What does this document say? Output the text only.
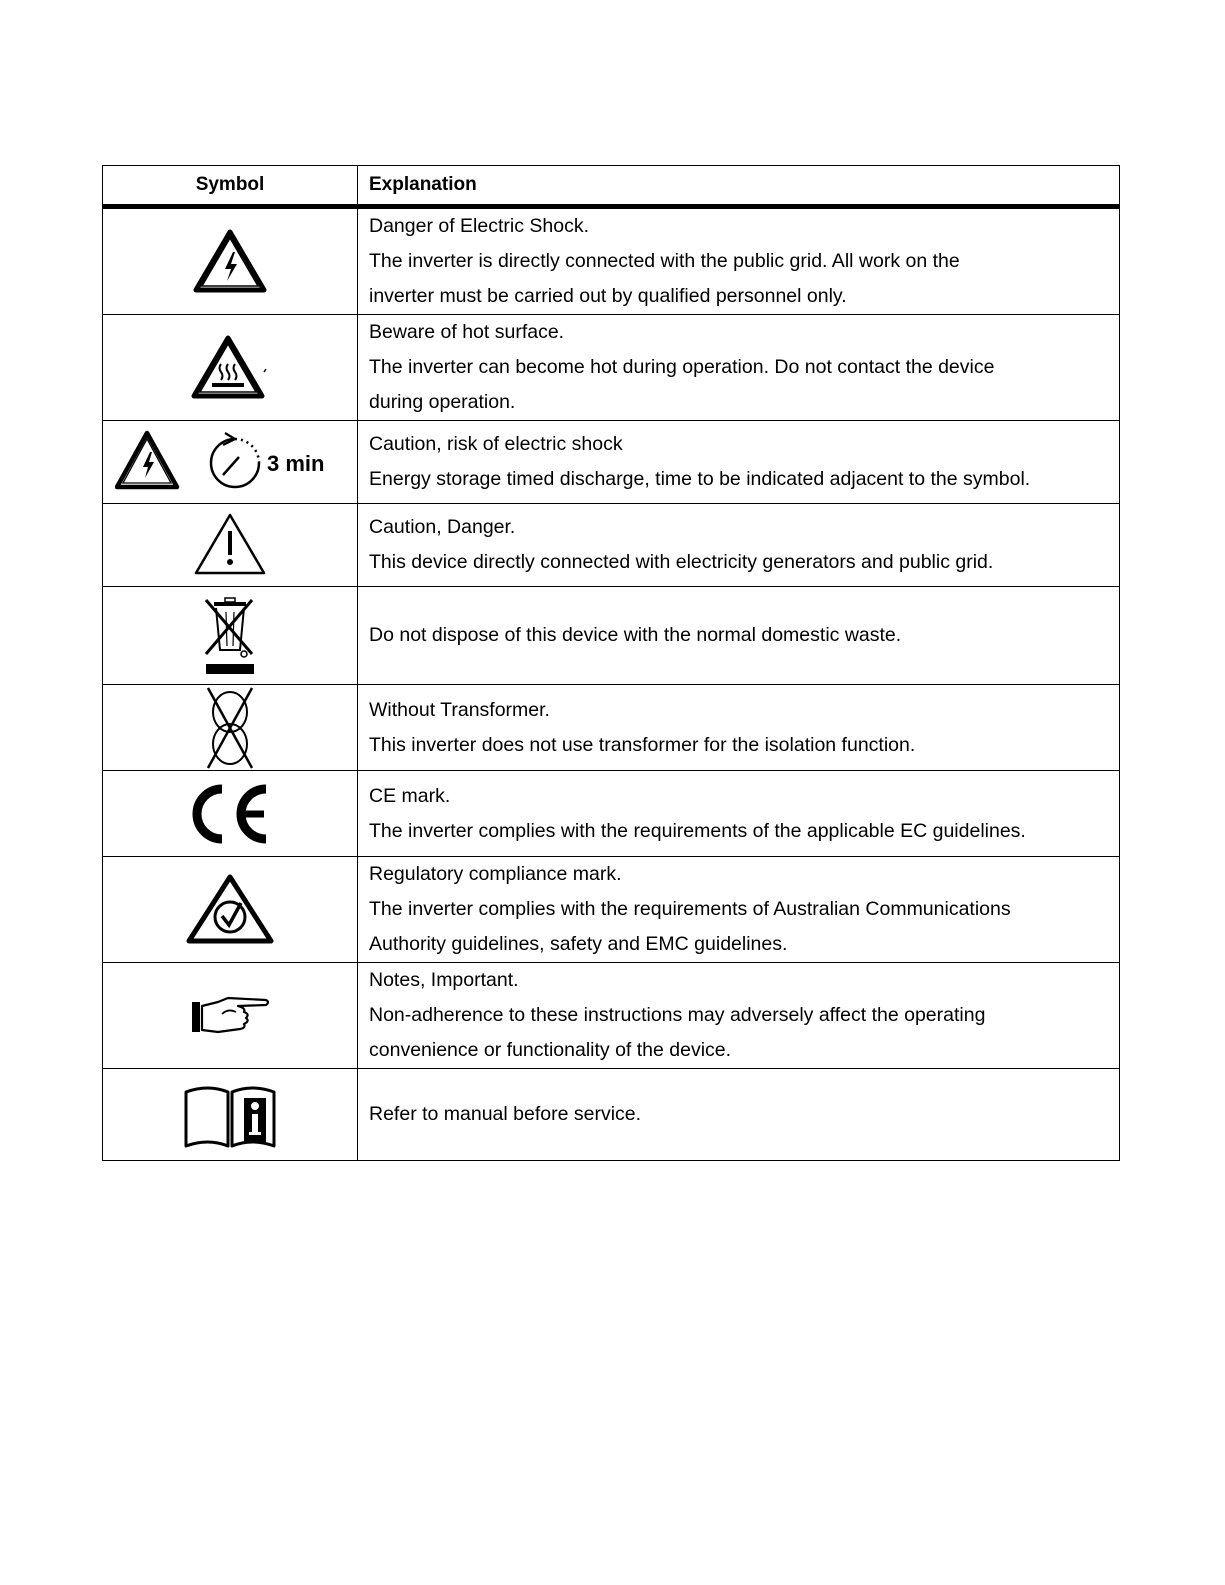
Symbol	Explanation

Danger of Electric Shock.
The inverter is directly connected with the public grid. All work on the
inverter must be carried out by qualified personnel only.

Beware of hot surface.
The inverter can become hot during operation. Do not contact the device
during operation.

3 min	Caution, risk of electric shock
Energy storage timed discharge, time to be indicated adjacent to the symbol.

Caution, Danger.
This device directly connected with electricity generators and public grid.

Do not dispose of this device with the normal domestic waste.

Without Transformer.
This inverter does not use transformer for the isolation function.

CE mark.
The inverter complies with the requirements of the applicable EC guidelines.

Regulatory compliance mark.
The inverter complies with the requirements of Australian Communications
Authority guidelines, safety and EMC guidelines.

Notes, Important.
Non-adherence to these instructions may adversely affect the operating
convenience or functionality of the device.

Refer to manual before service.
